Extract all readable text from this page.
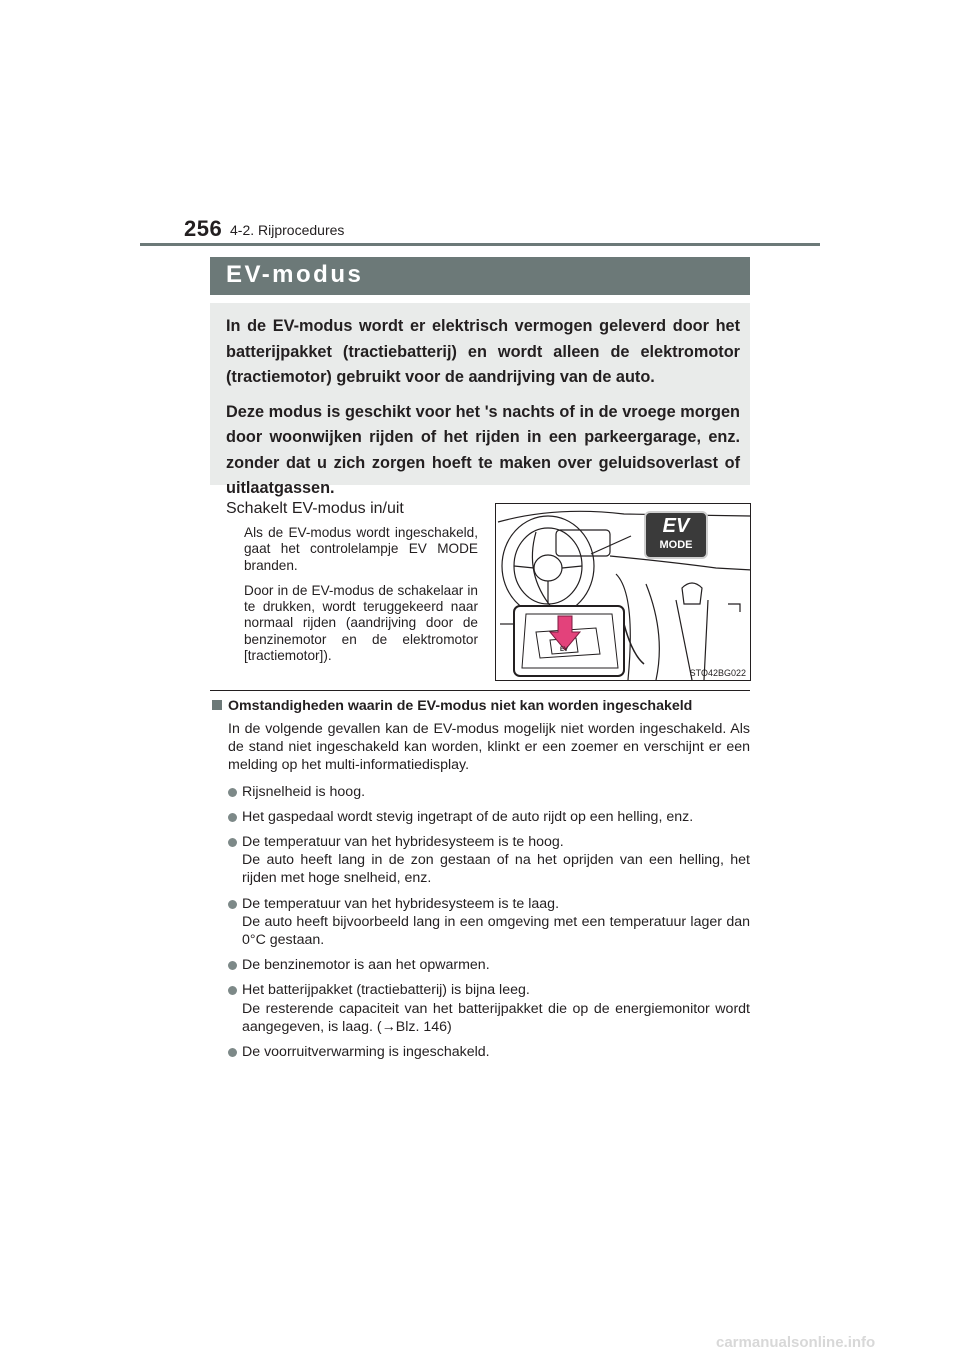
256 4-2. Rijprocedures
EV-modus

In de EV-modus wordt er elektrisch vermogen geleverd door het batterijpakket (tractiebatterij) en wordt alleen de elektromotor (tractiemotor) gebruikt voor de aandrijving van de auto.

Deze modus is geschikt voor het 's nachts of in de vroege morgen door woonwijken rijden of het rijden in een parkeergarage, enz. zonder dat u zich zorgen hoeft te maken over geluidsoverlast of uitlaatgassen.

Schakelt EV-modus in/uit

Als de EV-modus wordt ingeschakeld, gaat het controlelampje EV MODE branden.

Door in de EV-modus de schakelaar in te drukken, wordt teruggekeerd naar normaal rijden (aandrijving door de benzinemotor en de elektromotor [tractiemotor]).	EV
EV
MODE
STO42BG022
Omstandigheden waarin de EV-modus niet kan worden ingeschakeld

In de volgende gevallen kan de EV-modus mogelijk niet worden ingeschakeld. Als de stand niet ingeschakeld kan worden, klinkt er een zoemer en verschijnt er een melding op het multi-informatiedisplay.

Rijsnelheid is hoog.

Het gaspedaal wordt stevig ingetrapt of de auto rijdt op een helling, enz.

De temperatuur van het hybridesysteem is te hoog.
De auto heeft lang in de zon gestaan of na het oprijden van een helling, het rijden met hoge snelheid, enz.

De temperatuur van het hybridesysteem is te laag.
De auto heeft bijvoorbeeld lang in een omgeving met een temperatuur lager dan 0°C gestaan.

De benzinemotor is aan het opwarmen.

Het batterijpakket (tractiebatterij) is bijna leeg.
De resterende capaciteit van het batterijpakket die op de energiemonitor wordt aangegeven, is laag. (→Blz. 146)

De voorruitverwarming is ingeschakeld.

carmanualsonline.info
